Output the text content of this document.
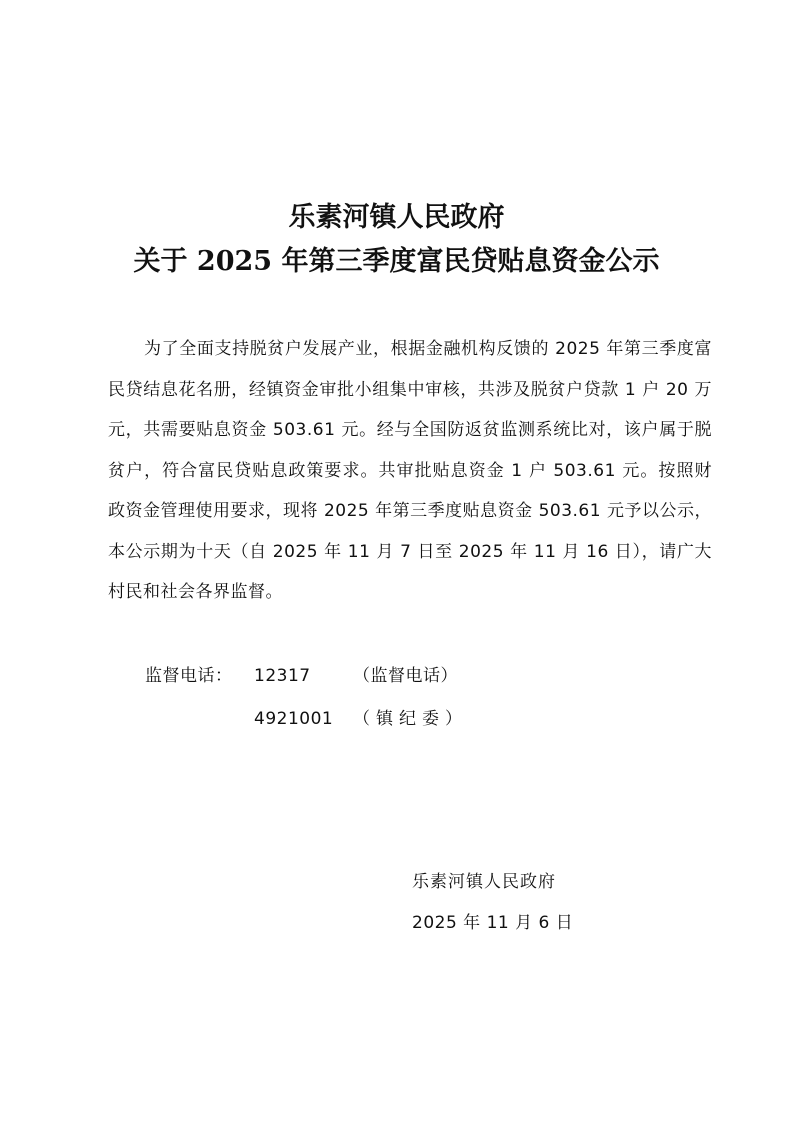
乐素河镇人民政府
关于 2025 年第三季度富民贷贴息资金公示

为了全面支持脱贫户发展产业，根据金融机构反馈的 2025 年第三季度富民贷结息花名册，经镇资金审批小组集中审核，共涉及脱贫户贷款 1 户 20 万元，共需要贴息资金 503.61 元。经与全国防返贫监测系统比对，该户属于脱贫户，符合富民贷贴息政策要求。共审批贴息资金 1 户 503.61 元。按照财政资金管理使用要求，现将 2025 年第三季度贴息资金 503.61 元予以公示，本公示期为十天（自 2025 年 11 月 7 日至 2025 年 11 月 16 日），请广大村民和社会各界监督。

监督电话： 12317 （监督电话）
4921001 （镇纪委）
乐素河镇人民政府
2025 年 11 月 6 日
